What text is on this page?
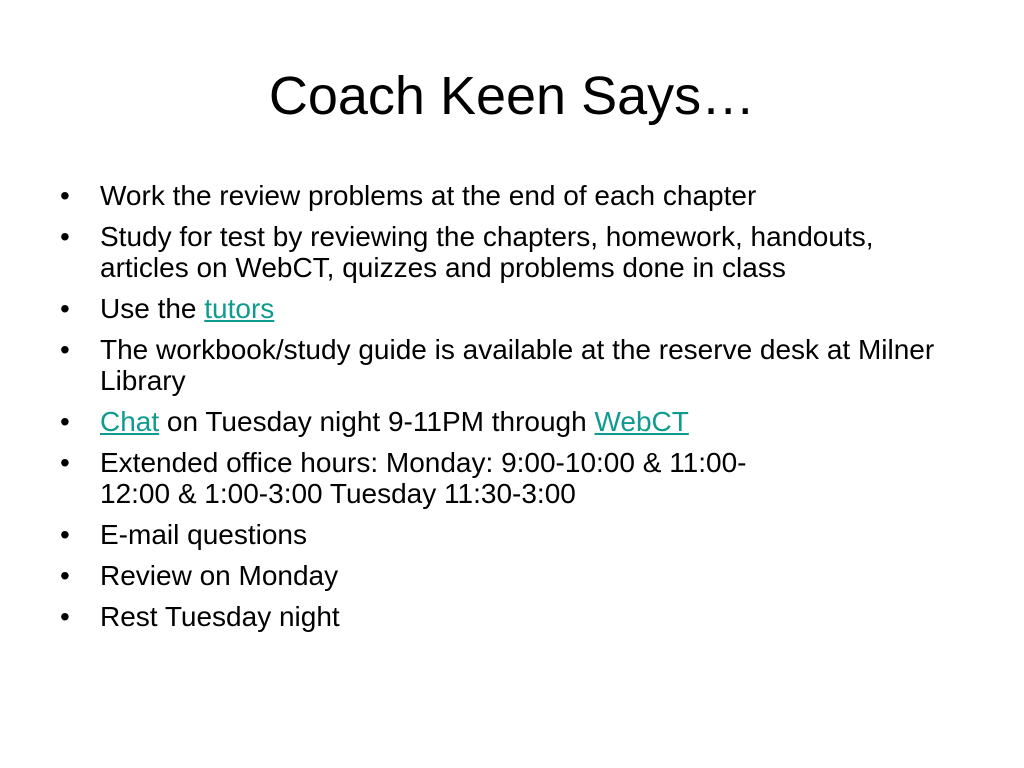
Coach Keen Says…
• Work the review problems at the end of each chapter
• Study for test by reviewing the chapters, homework, handouts, articles on WebCT, quizzes and problems done in class
• Use the tutors
• The workbook/study guide is available at the reserve desk at Milner Library
• Chat on Tuesday night 9-11PM through WebCT
• Extended office hours: Monday: 9:00-10:00 & 11:00-
12:00 & 1:00-3:00 Tuesday 11:30-3:00
• E-mail questions
• Review on Monday
• Rest Tuesday night
